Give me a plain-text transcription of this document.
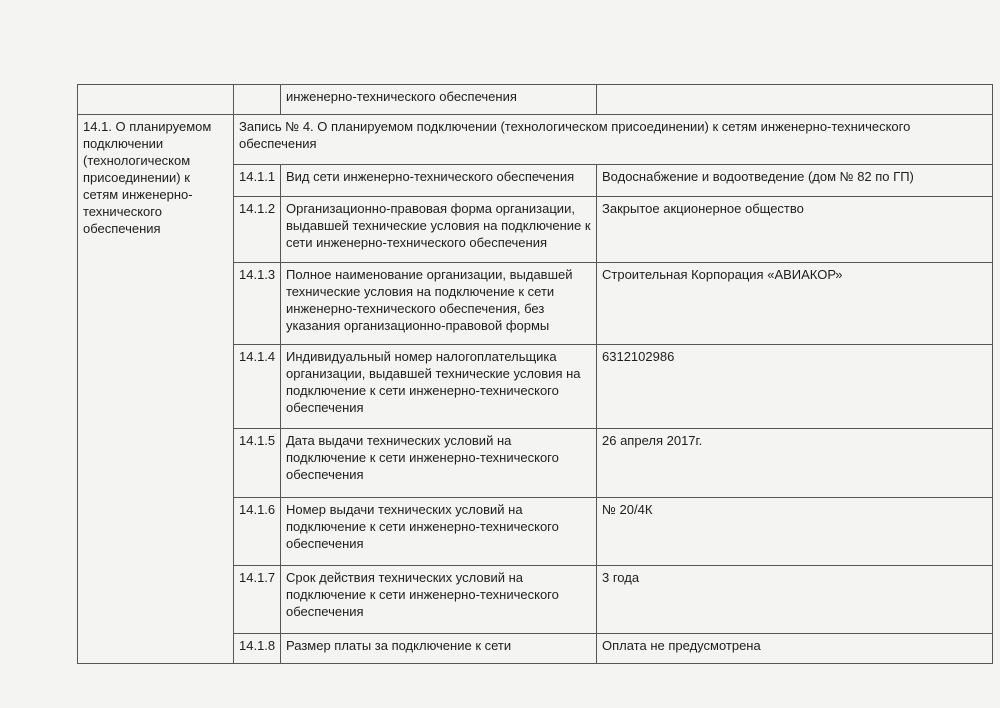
		инженерно-технического обеспечения	
14.1. О планируемом подключении (технологическом присоединении) к сетям инженерно-технического обеспечения	Запись № 4. О планируемом подключении (технологическом присоединении) к сетям инженерно-технического обеспечения		
	14.1.1	Вид сети инженерно-технического обеспечения	Водоснабжение и водоотведение (дом № 82 по ГП)
	14.1.2	Организационно-правовая форма организации, выдавшей технические условия на подключение к сети инженерно-технического обеспечения	Закрытое акционерное общество
	14.1.3	Полное наименование организации, выдавшей технические условия на подключение к сети инженерно-технического обеспечения, без указания организационно-правовой формы	Строительная Корпорация «АВИАКОР»
	14.1.4	Индивидуальный номер налогоплательщика организации, выдавшей технические условия на подключение к сети инженерно-технического обеспечения	6312102986
	14.1.5	Дата выдачи технических условий на подключение к сети инженерно-технического обеспечения	26 апреля 2017г.
	14.1.6	Номер выдачи технических условий на подключение к сети инженерно-технического обеспечения	№ 20/4К
	14.1.7	Срок действия технических условий на подключение к сети инженерно-технического обеспечения	3 года
	14.1.8	Размер платы за подключение к сети	Оплата не предусмотрена
